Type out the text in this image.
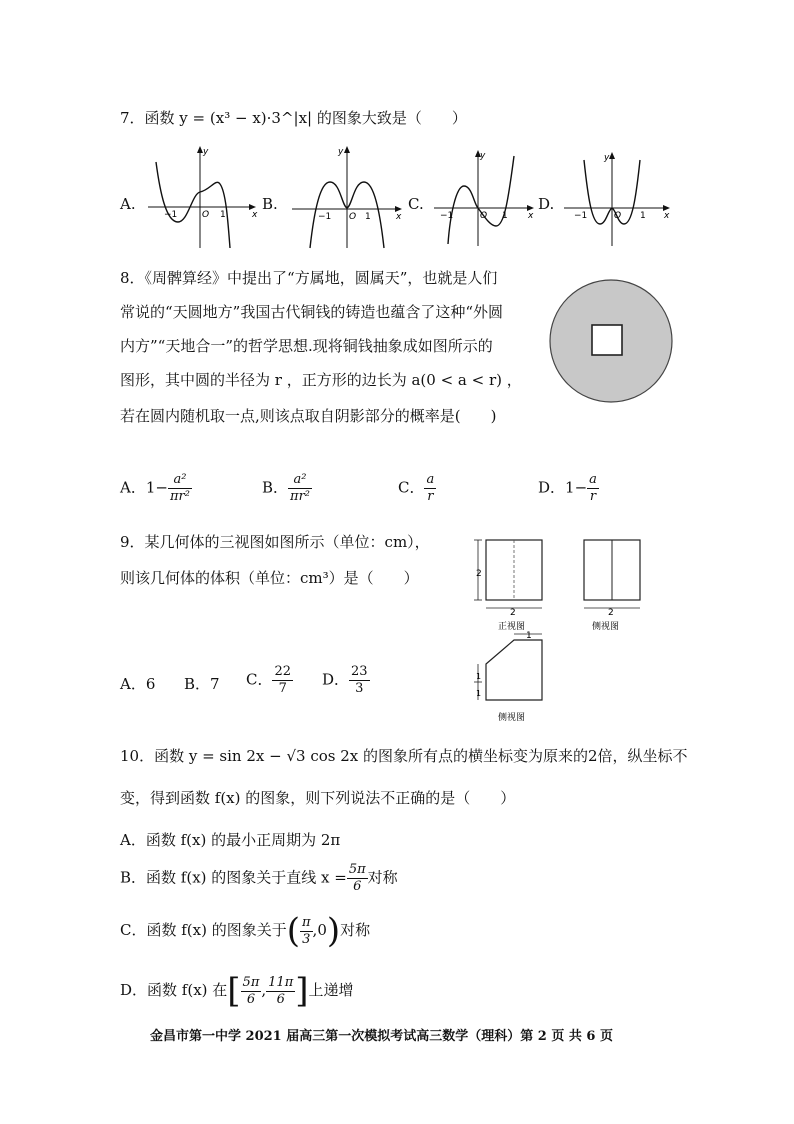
7．函数 y = (x³ − x)·3^|x| 的图象大致是（　　）
A.
y
x
−1	O 1
B.
y
x
−1 O 1
C.
y
x
−1	O 1
D.
y
x
−1	O 1
8．《周髀算经》中提出了“方属地，圆属天”，也就是人们
常说的“天圆地方”我国古代铜钱的铸造也蕴含了这种“外圆
内方”“天地合一”的哲学思想.现将铜钱抽象成如图所示的
图形，其中圆的半径为 r ，正方形的边长为 a(0 < a < r) ，
若在圆内随机取一点,则该点取自阴影部分的概率是(　　)
A．$1- \frac{\text{a²}}{\text{πr²}}$	B． $\frac{\text{a²}}{\text{πr²}}$	C． $\frac{a}{r}$	D．$1- \frac{a}{r}$
9．某几何体的三视图如图所示（单位：cm），
则该几何体的体积（单位：cm³）是（　　）
A．6 B．7 C． $\frac{22}{7}$ D． $\frac{23}{3}$
2
2
正视图
2
侧视图
1
1
1
侧视图
10．函数 y = sin 2x − √3 cos 2x 的图象所有点的横坐标变为原来的2倍，纵坐标不
变，得到函数 f(x) 的图象，则下列说法不正确的是（　　）
A．函数 f(x) 的最小正周期为 2π
B．函数 f(x) 的图象关于直线 $x = \frac{5\pi}{6}$ 对称
C．函数 f(x) 的图象关于( $\frac{\pi}{3} ,0$)对称
D．函数 f(x) 在[ $\frac{5\pi}{6}$ , $\frac{11\pi}{6}$ ]上递增
金昌市第一中学 2021 届高三第一次模拟考试高三数学（理科）第 2 页 共 6 页
